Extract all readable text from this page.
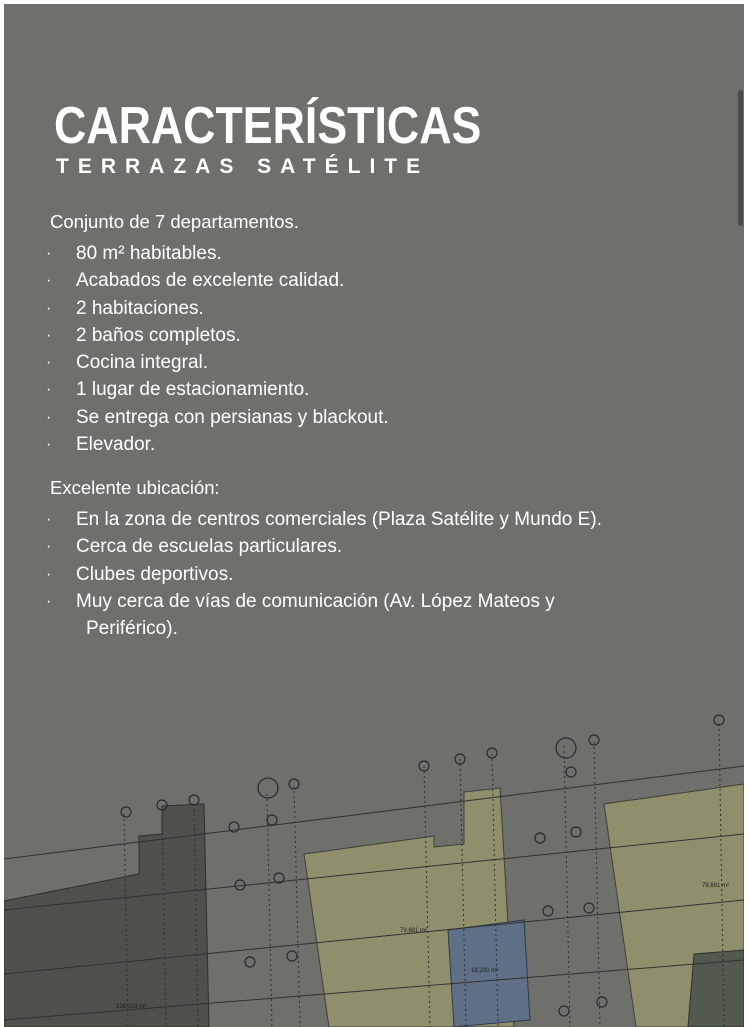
CARACTERÍSTICAS
TERRAZAS SATÉLITE

Conjunto de 7 departamentos.

· 80 m² habitables.
· Acabados de excelente calidad.
· 2 habitaciones.
· 2 baños completos.
· Cocina integral.
· 1 lugar de estacionamiento.
· Se entrega con persianas y blackout.
· Elevador.

Excelente ubicación:

· En la zona de centros comerciales (Plaza Satélite y Mundo E).
· Cerca de escuelas particulares.
· Clubes deportivos.
· Muy cerca de vías de comunicación (Av. López Mateos y
Periférico).
126,023 m²
79,881 m²
16,200 m²
79,881 m²
